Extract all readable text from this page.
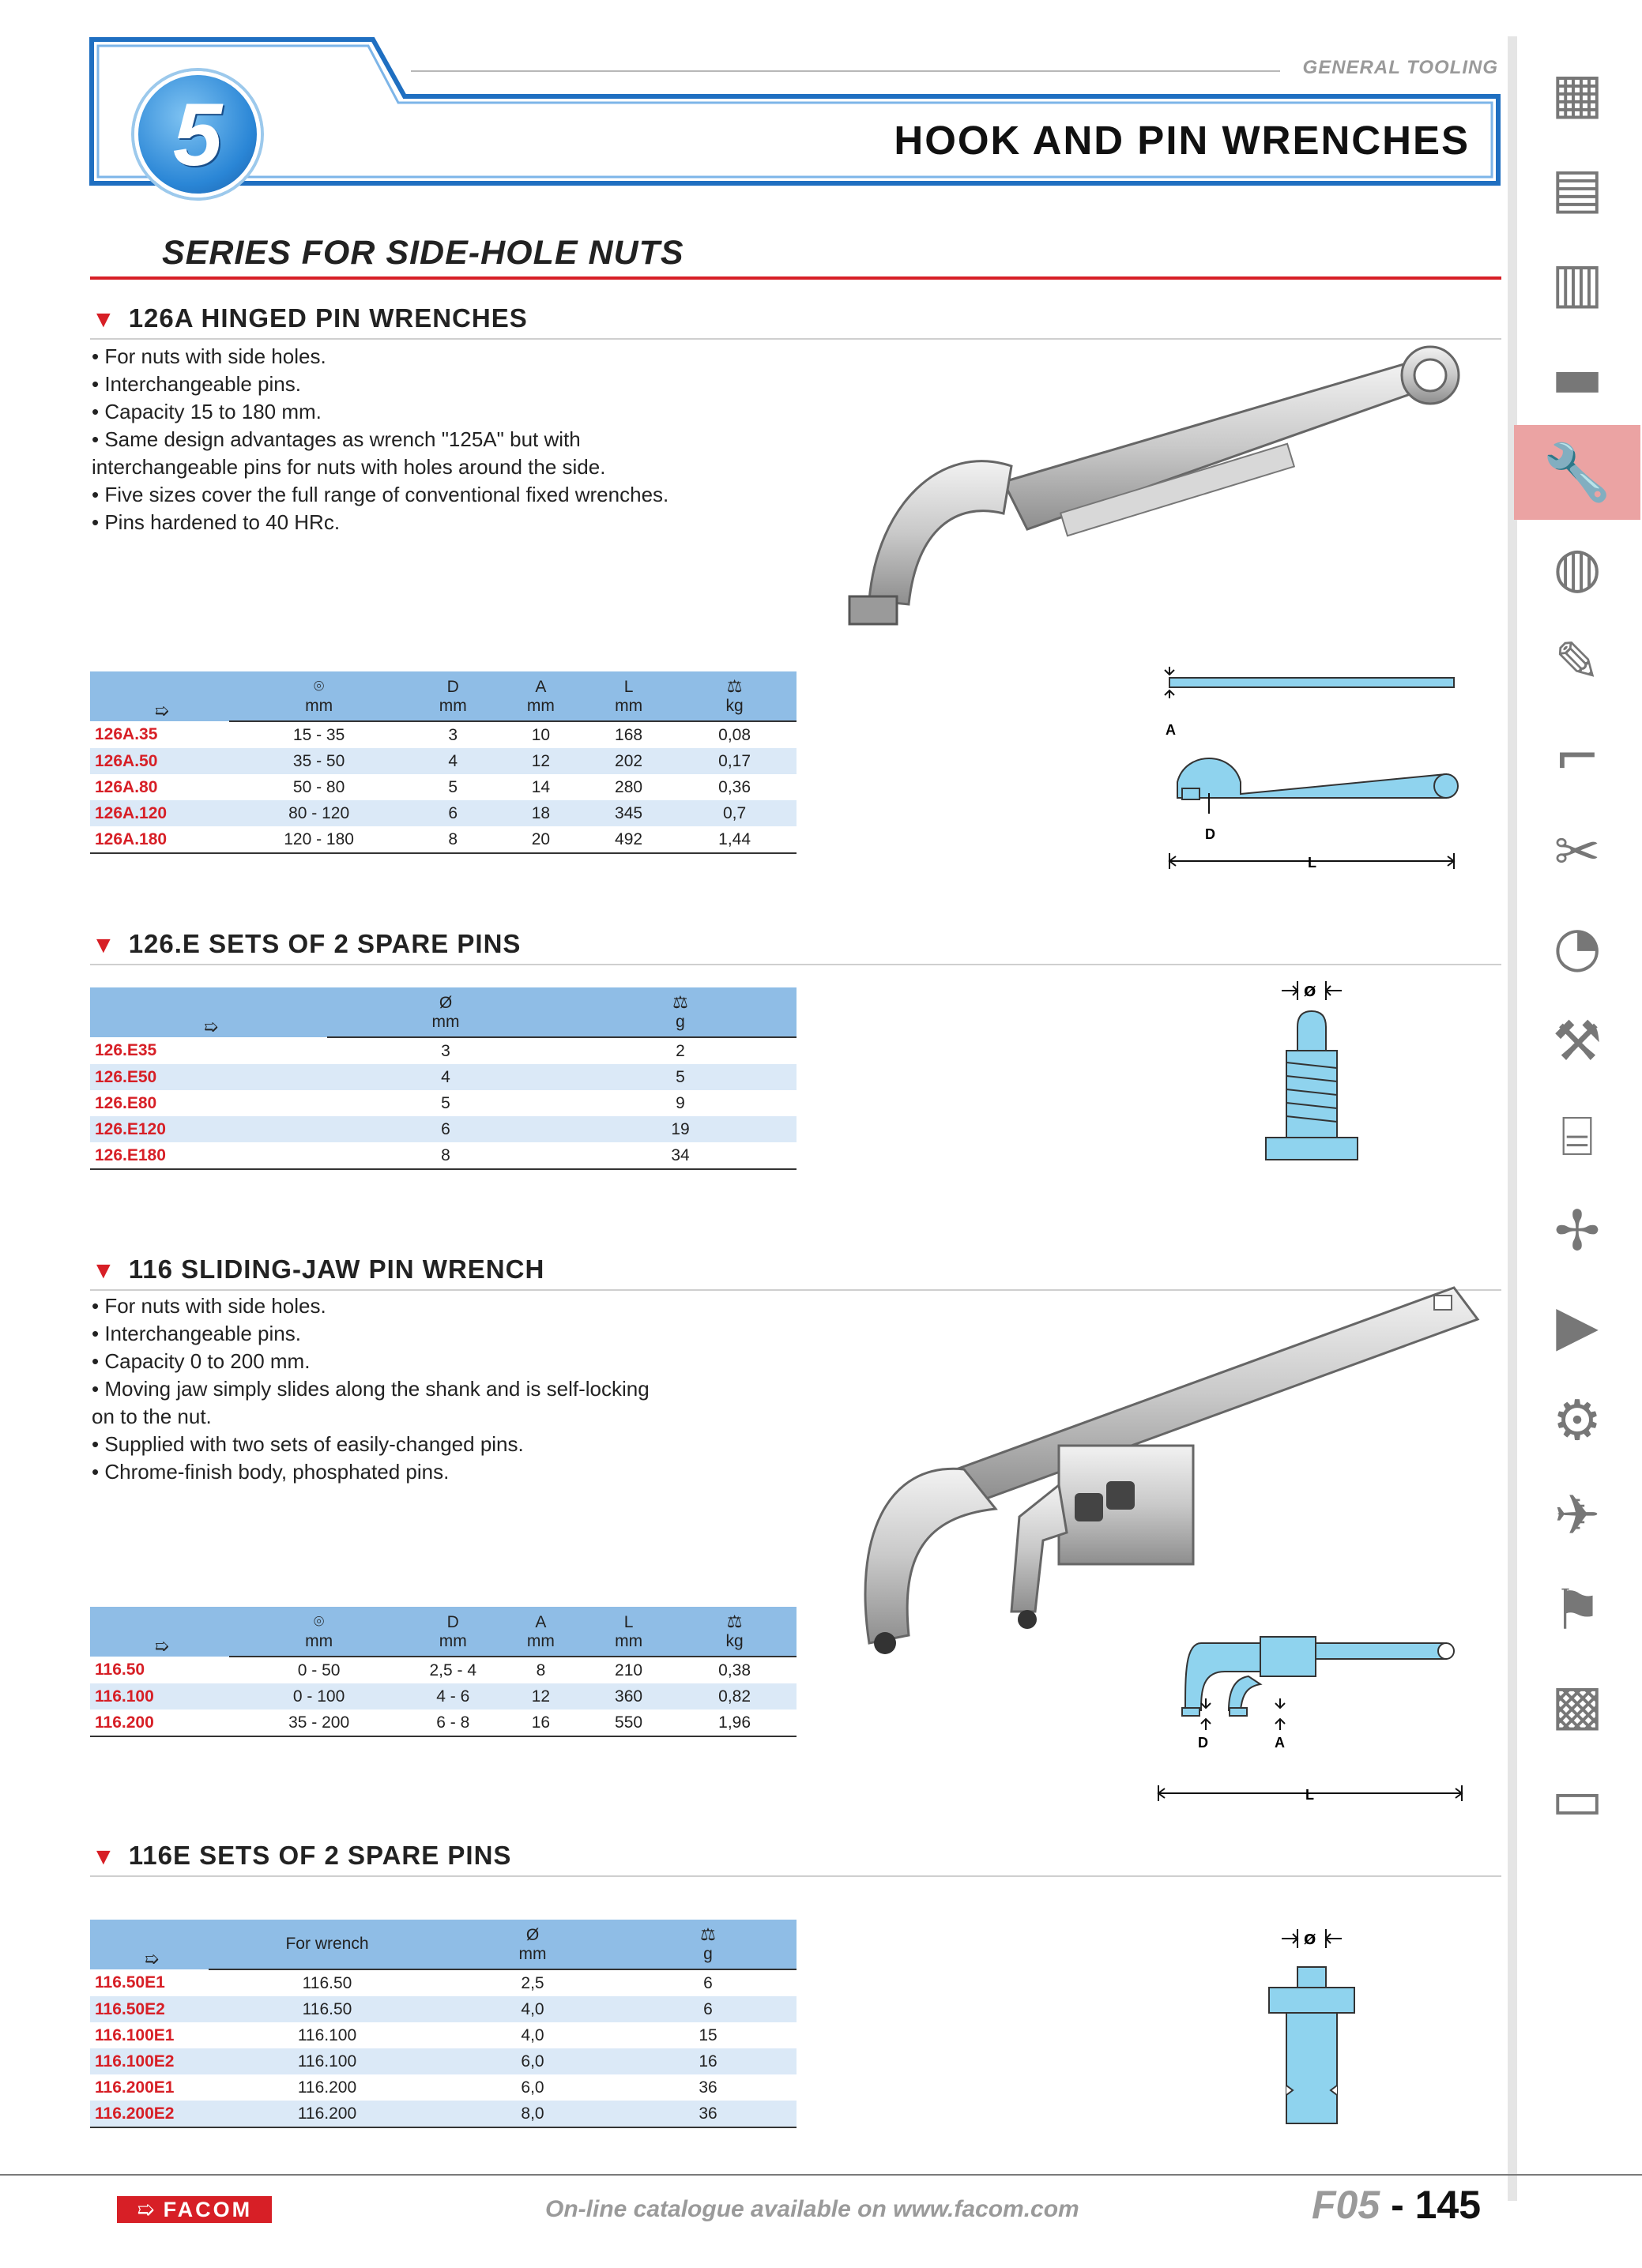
5
GENERAL TOOLING
HOOK AND PIN WRENCHES
SERIES FOR SIDE-HOLE NUTS
▼ 126A HINGED PIN WRENCHES
• For nuts with side holes.
• Interchangeable pins.
• Capacity 15 to 180 mm.
• Same design advantages as wrench "125A" but with interchangeable pins for nuts with holes around the side.
• Five sizes cover the full range of conventional fixed wrenches.
• Pins hardened to 40 HRc.
➯	⌾	D	A	L	⚖
	mm	mm	mm	mm	kg
126A.35	15 - 35	3	10	168	0,08
126A.50	35 - 50	4	12	202	0,17
126A.80	50 - 80	5	14	280	0,36
126A.120	80 - 120	6	18	345	0,7
126A.180	120 - 180	8	20	492	1,44
A
D
L
▼ 126.E SETS OF 2 SPARE PINS
➯	Ø	⚖
	mm	g
126.E35	3	2
126.E50	4	5
126.E80	5	9
126.E120	6	19
126.E180	8	34
Ø
▼ 116 SLIDING-JAW PIN WRENCH
• For nuts with side holes.
• Interchangeable pins.
• Capacity 0 to 200 mm.
• Moving jaw simply slides along the shank and is self-locking on to the nut.
• Supplied with two sets of easily-changed pins.
• Chrome-finish body, phosphated pins.
➯	⌾	D	A	L	⚖
	mm	mm	mm	mm	kg
116.50	0 - 50	2,5 - 4	8	210	0,38
116.100	0 - 100	4 - 6	12	360	0,82
116.200	35 - 200	6 - 8	16	550	1,96
D	A
L
▼ 116E SETS OF 2 SPARE PINS
➯	For wrench	Ø	⚖
		mm	g
116.50E1	116.50	2,5	6
116.50E2	116.50	4,0	6
116.100E1	116.100	4,0	15
116.100E2	116.100	6,0	16
116.200E1	116.200	6,0	36
116.200E2	116.200	8,0	36
Ø
▦
▤
▥
▬
🔧
◍
✎
⌐
✂
◔
⚒
⌸
✢
▶
⚙
✈
⚑
▩
▭
➯ FACOM	On-line catalogue available on www.facom.com	F05 - 145
